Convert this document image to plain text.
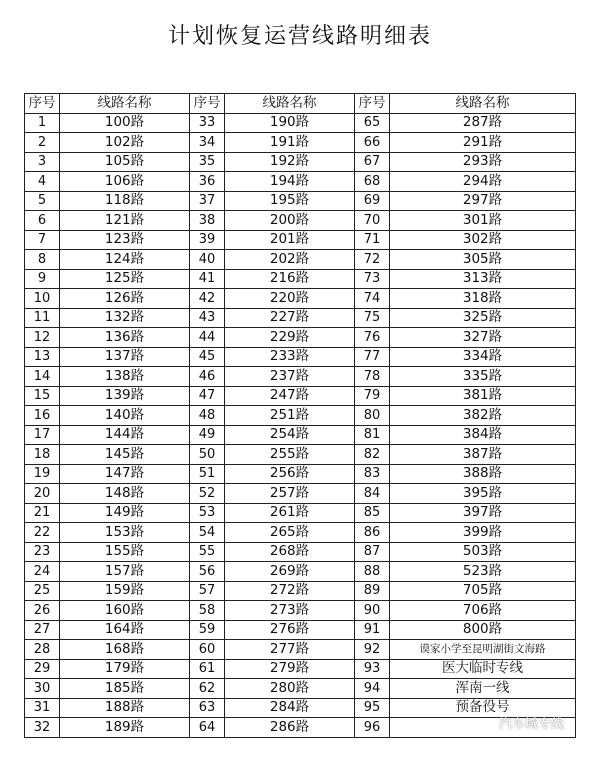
计划恢复运营线路明细表
序号	线路名称	序号	线路名称	序号	线路名称
1	100路	33	190路	65	287路
2	102路	34	191路	66	291路
3	105路	35	192路	67	293路
4	106路	36	194路	68	294路
5	118路	37	195路	69	297路
6	121路	38	200路	70	301路
7	123路	39	201路	71	302路
8	124路	40	202路	72	305路
9	125路	41	216路	73	313路
10	126路	42	220路	74	318路
11	132路	43	227路	75	325路
12	136路	44	229路	76	327路
13	137路	45	233路	77	334路
14	138路	46	237路	78	335路
15	139路	47	247路	79	381路
16	140路	48	251路	80	382路
17	144路	49	254路	81	384路
18	145路	50	255路	82	387路
19	147路	51	256路	83	388路
20	148路	52	257路	84	395路
21	149路	53	261路	85	397路
22	153路	54	265路	86	399路
23	155路	55	268路	87	503路
24	157路	56	269路	88	523路
25	159路	57	272路	89	705路
26	160路	58	273路	90	706路
27	164路	59	276路	91	800路
28	168路	60	277路	92	谟家小学至昆明湖街文海路
29	179路	61	279路	93	医大临时专线
30	185路	62	280路	94	浑南一线
31	188路	63	284路	95	预备役号
32	189路	64	286路	96		汽车城专线
